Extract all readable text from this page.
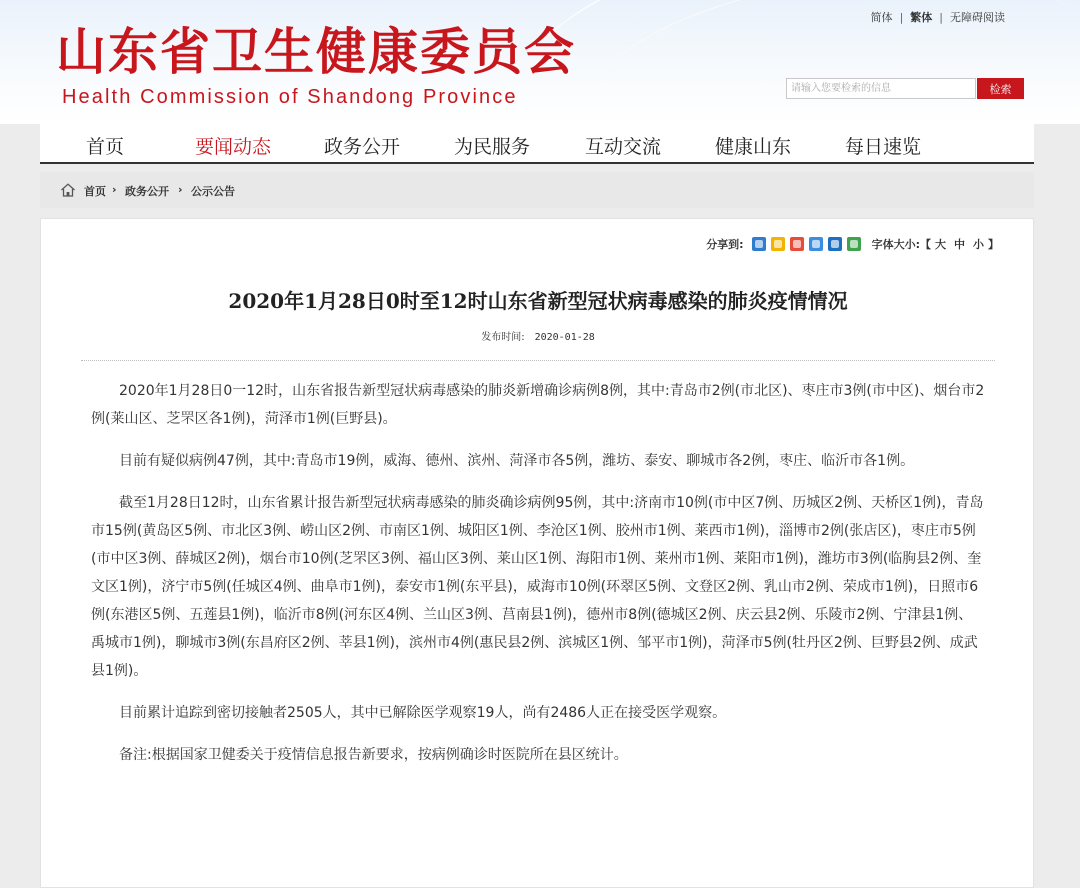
山东省卫生健康委员会
Health Commission of Shandong Province
简体 | 繁体 | 无障碍阅读
请输入您要检索的信息
检索
首页	要闻动态	政务公开	为民服务	互动交流	健康山东	每日速览
首页 › 政务公开 › 公示公告
分享到:	字体大小: 【 大 中 小 】
2020年1月28日0时至12时山东省新型冠状病毒感染的肺炎疫情情况
发布时间: 2020-01-28

2020年1月28日0一12时，山东省报告新型冠状病毒感染的肺炎新增确诊病例8例，其中:青岛市2例(市北区)、枣庄市3例(市中区)、烟台市2例(莱山区、芝罘区各1例)，菏泽市1例(巨野县)。

目前有疑似病例47例，其中:青岛市19例，威海、德州、滨州、菏泽市各5例，潍坊、泰安、聊城市各2例，枣庄、临沂市各1例。

截至1月28日12时，山东省累计报告新型冠状病毒感染的肺炎确诊病例95例，其中:济南市10例(市中区7例、历城区2例、天桥区1例)，青岛市15例(黄岛区5例、市北区3例、崂山区2例、市南区1例、城阳区1例、李沧区1例、胶州市1例、莱西市1例)，淄博市2例(张店区)，枣庄市5例(市中区3例、薛城区2例)，烟台市10例(芝罘区3例、福山区3例、莱山区1例、海阳市1例、莱州市1例、莱阳市1例)，潍坊市3例(临朐县2例、奎文区1例)，济宁市5例(任城区4例、曲阜市1例)，泰安市1例(东平县)，威海市10例(环翠区5例、文登区2例、乳山市2例、荣成市1例)，日照市6例(东港区5例、五莲县1例)，临沂市8例(河东区4例、兰山区3例、莒南县1例)，德州市8例(德城区2例、庆云县2例、乐陵市2例、宁津县1例、禹城市1例)，聊城市3例(东昌府区2例、莘县1例)，滨州市4例(惠民县2例、滨城区1例、邹平市1例)，菏泽市5例(牡丹区2例、巨野县2例、成武县1例)。

目前累计追踪到密切接触者2505人，其中已解除医学观察19人，尚有2486人正在接受医学观察。

备注:根据国家卫健委关于疫情信息报告新要求，按病例确诊时医院所在县区统计。
